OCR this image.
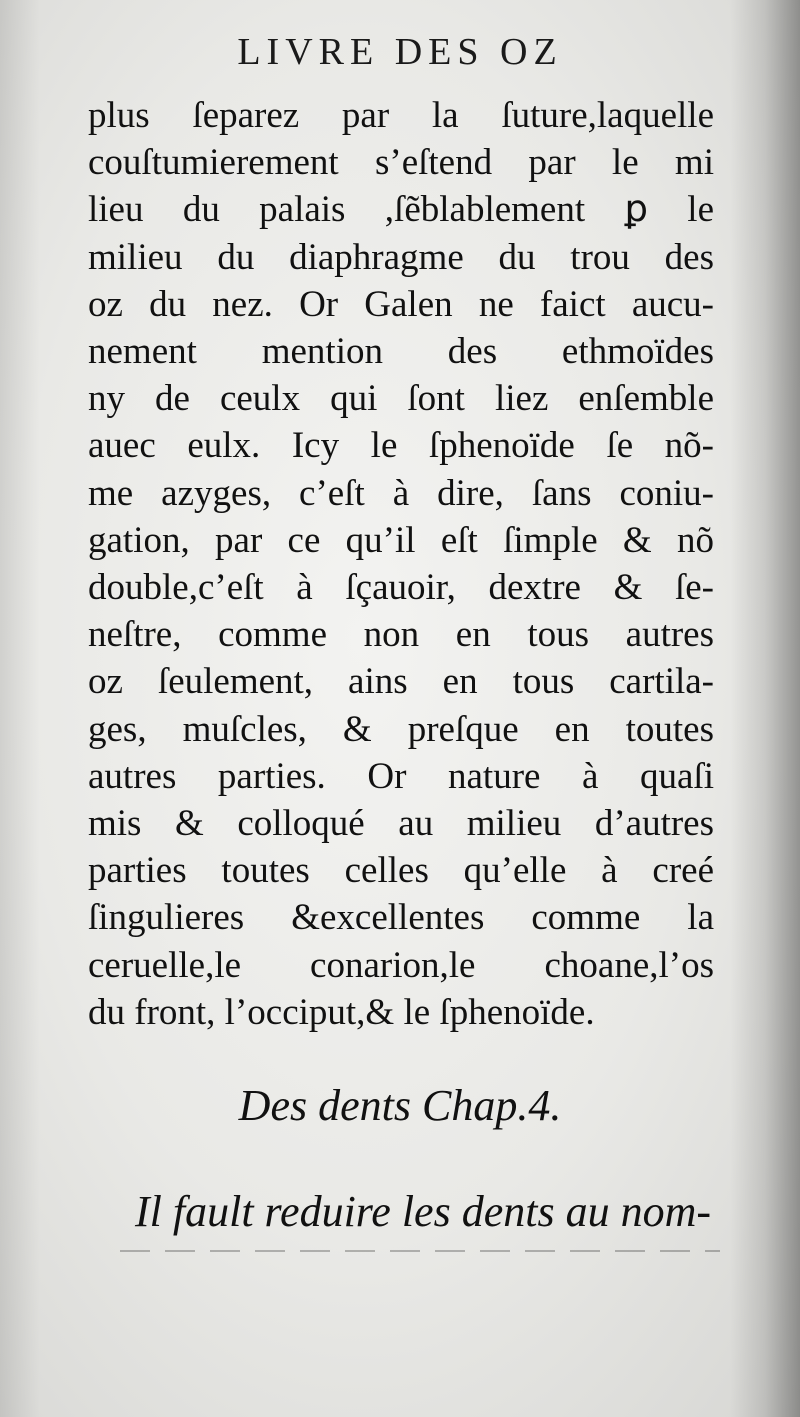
LIVRE DES OZ
plus ſeparez par la ſuture,laquelle
couſtumierement s’eſtend par le mi
lieu du palais ,ſẽblablement ꝑ le
milieu du diaphragme du trou des
oz du nez. Or Galen ne faict aucu-
nement mention des ethmoïdes
ny de ceulx qui ſont liez enſemble
auec eulx. Icy le ſphenoïde ſe nõ-
me azyges, c’eſt à dire, ſans coniu-
gation, par ce qu’il eſt ſimple & nõ
double,c’eſt à ſçauoir, dextre & ſe-
neſtre, comme non en tous autres
oz ſeulement, ains en tous cartila-
ges, muſcles, & preſque en toutes
autres parties. Or nature à quaſi
mis & colloqué au milieu d’autres
parties toutes celles qu’elle à creé
ſingulieres &excellentes comme la
ceruelle,le conarion,le choane,l’os
du front, l’occiput,& le ſphenoïde.
Des dents Chap.4.
Il fault reduire les dents au nom-
